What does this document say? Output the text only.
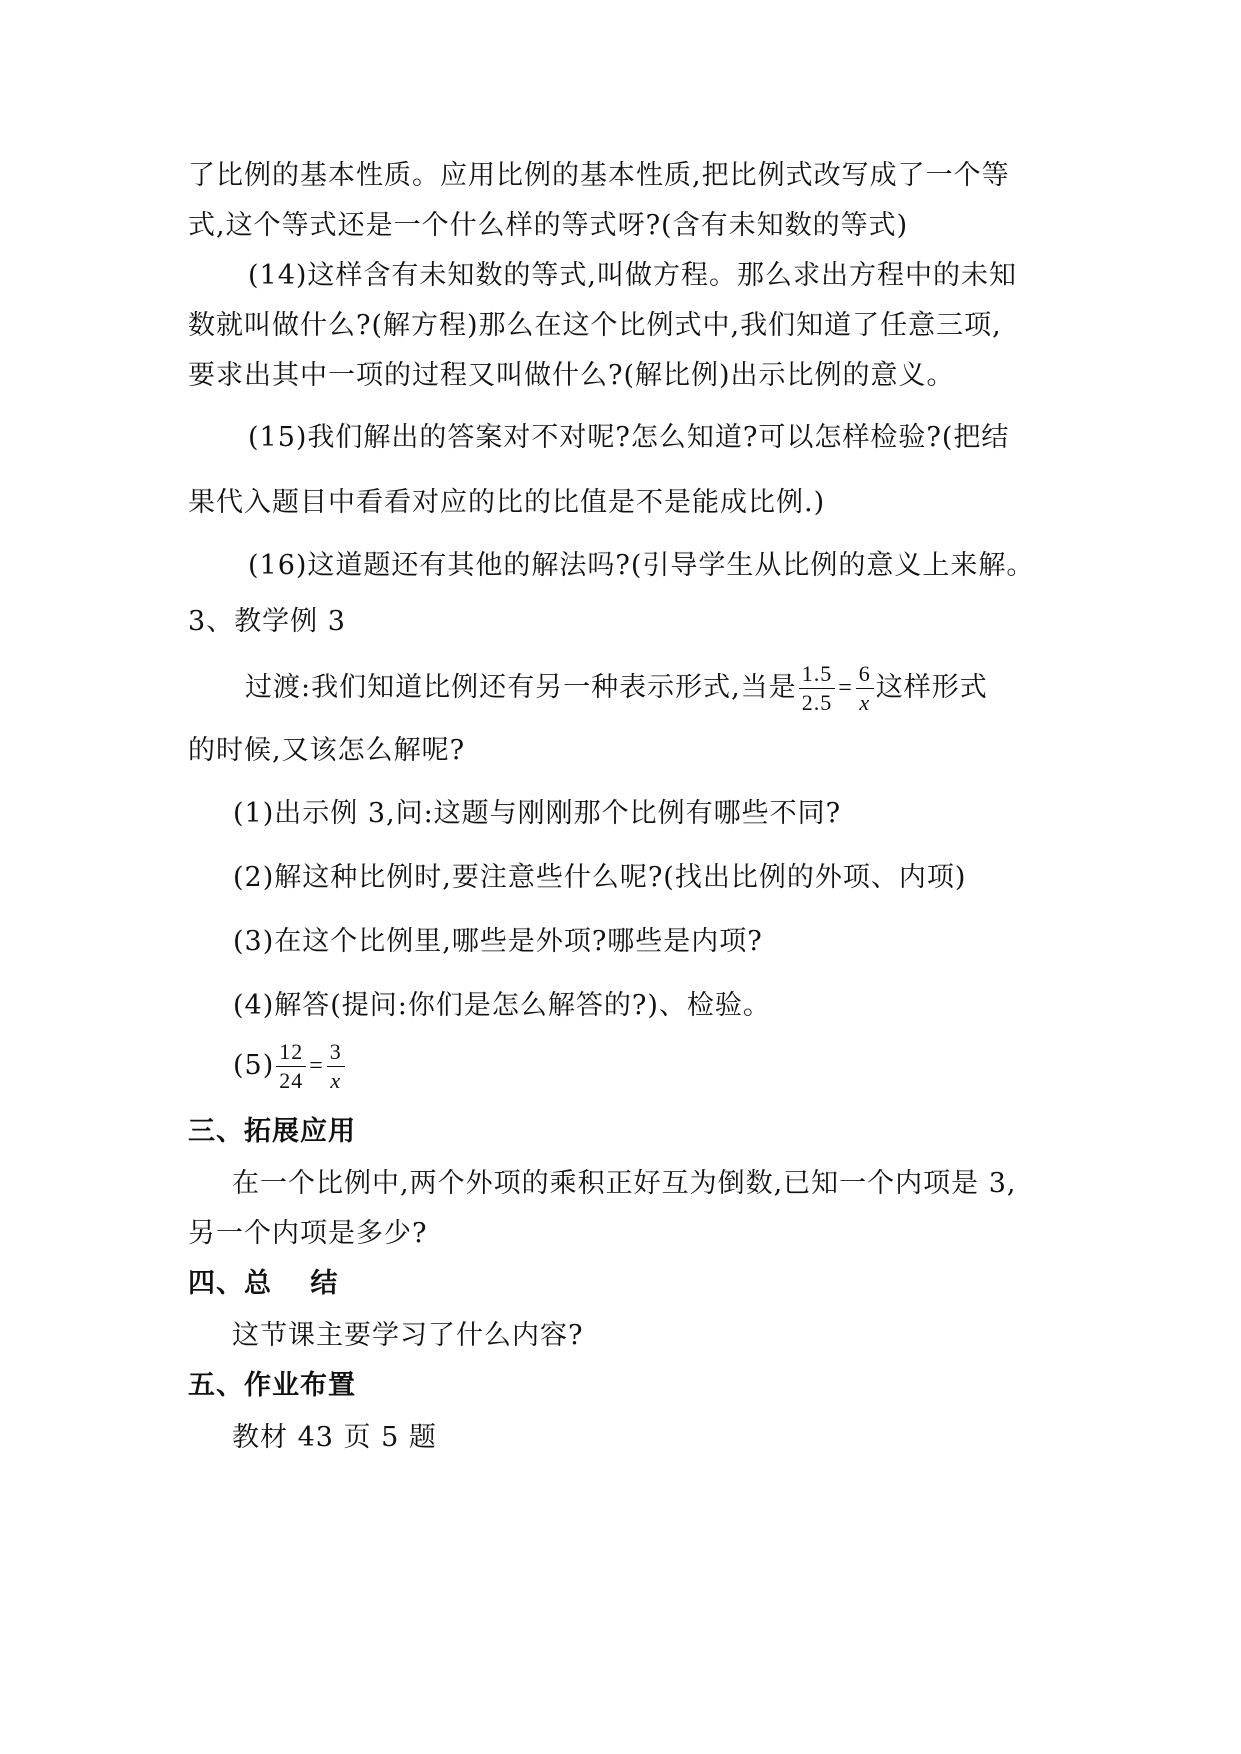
了比例的基本性质。应用比例的基本性质,把比例式改写成了一个等
式,这个等式还是一个什么样的等式呀?(含有未知数的等式)
(14)这样含有未知数的等式,叫做方程。那么求出方程中的未知
数就叫做什么?(解方程)那么在这个比例式中,我们知道了任意三项,
要求出其中一项的过程又叫做什么?(解比例)出示比例的意义。
(15)我们解出的答案对不对呢?怎么知道?可以怎样检验?(把结
果代入题目中看看对应的比的比值是不是能成比例.)
(16)这道题还有其他的解法吗?(引导学生从比例的意义上来解。
3、教学例 3
过渡:我们知道比例还有另一种表示形式,当是 $\frac{1.5}{2.5} = \frac{6}{x}$ 这样形式
的时候,又该怎么解呢?
(1)出示例 3,问:这题与刚刚那个比例有哪些不同?
(2)解这种比例时,要注意些什么呢?(找出比例的外项、内项)
(3)在这个比例里,哪些是外项?哪些是内项?
(4)解答(提问:你们是怎么解答的?)、检验。
$(5) \frac{12}{24} = \frac{3}{x}$
三、拓展应用
在一个比例中,两个外项的乘积正好互为倒数,已知一个内项是 3,
另一个内项是多少?
四、总　 结
这节课主要学习了什么内容?
五、作业布置
教材 43 页 5 题
